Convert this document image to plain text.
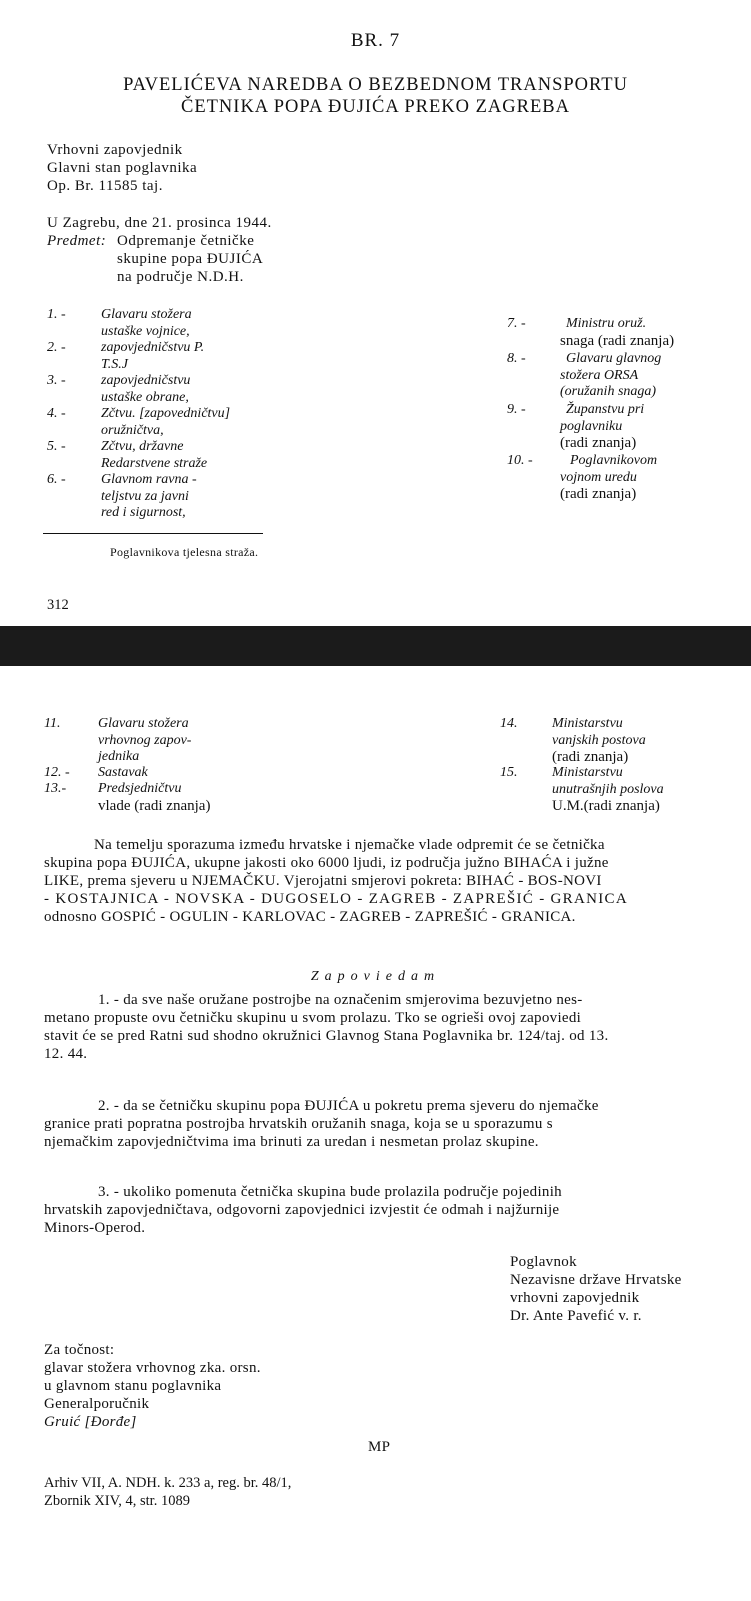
BR. 7
PAVELIĆEVA NAREDBA O BEZBEDNOM TRANSPORTU
ČETNIKA POPA ĐUJIĆA PREKO ZAGREBA
Vrhovni zapovjednik
Glavni stan poglavnika
Op. Br. 11585 taj.
U Zagrebu, dne 21. prosinca 1944.
Predmet: Odpremanje četničke
skupine popa ĐUJIĆA
na područje N.D.H.
1. -	Glavaru stožera
ustaške vojnice,
2. -	zapovjedničstvu P.
T.S.J
3. -	zapovjedničstvu
ustaške obrane,
4. -	Zčtvu. [zapovedničtvu]
oružničtva,
5. -	Zčtvu, državne
Redarstvene straže
6. -	Glavnom ravna -
teljstvu za javni
red i sigurnost,
7. -	Ministru oruž.
snaga (radi znanja)
8. -	Glavaru glavnog
stožera ORSA
(oružanih snaga)
9. -	Županstvu pri
poglavniku
(radi znanja)
10. -	Poglavnikovom
vojnom uredu
(radi znanja)
Poglavnikova tjelesna straža.
312
11.	Glavaru stožera
vrhovnog zapov-
jednika
12. - Sastavak
13.- Predsjedničtvu
vlade (radi znanja)
14. Ministarstvu
vanjskih postova
(radi znanja)
15. Ministarstvu
unutrašnjih poslova
U.M.(radi znanja)
Na temelju sporazuma između hrvatske i njemačke vlade odpremit će se četnička
skupina popa ĐUJIĆA, ukupne jakosti oko 6000 ljudi, iz područja južno BIHAĆA i južne
LIKE, prema sjeveru u NJEMAČKU. Vjerojatni smjerovi pokreta: BIHAĆ - BOS-NOVI
- KOSTAJNICA - NOVSKA - DUGOSELO - ZAGREB - ZAPREŠIĆ - GRANICA
odnosno GOSPIĆ - OGULIN - KARLOVAC - ZAGREB - ZAPREŠIĆ - GRANICA.
Zapoviedam
1. - da sve naše oružane postrojbe na označenim smjerovima bezuvjetno nes-
metano propuste ovu četničku skupinu u svom prolazu. Tko se ogrieši ovoj zapoviedi
stavit će se pred Ratni sud shodno okružnici Glavnog Stana Poglavnika br. 124/taj. od 13.
12. 44.
2. - da se četničku skupinu popa ĐUJIĆA u pokretu prema sjeveru do njemačke
granice prati popratna postrojba hrvatskih oružanih snaga, koja se u sporazumu s
njemačkim zapovjedničtvima ima brinuti za uredan i nesmetan prolaz skupine.
3. - ukoliko pomenuta četnička skupina bude prolazila područje pojedinih
hrvatskih zapovjedničtava, odgovorni zapovjednici izvjestit će odmah i najžurnije
Minors-Operod.
Poglavnok
Nezavisne države Hrvatske
vrhovni zapovjednik
Dr. Ante Pavefić v. r.
Za točnost:
glavar stožera vrhovnog zka. orsn.
u glavnom stanu poglavnika
Generalporučnik
Gruić [Đorđe]
MP
Arhiv VII, A. NDH. k. 233 a, reg. br. 48/1,
Zbornik XIV, 4, str. 1089
